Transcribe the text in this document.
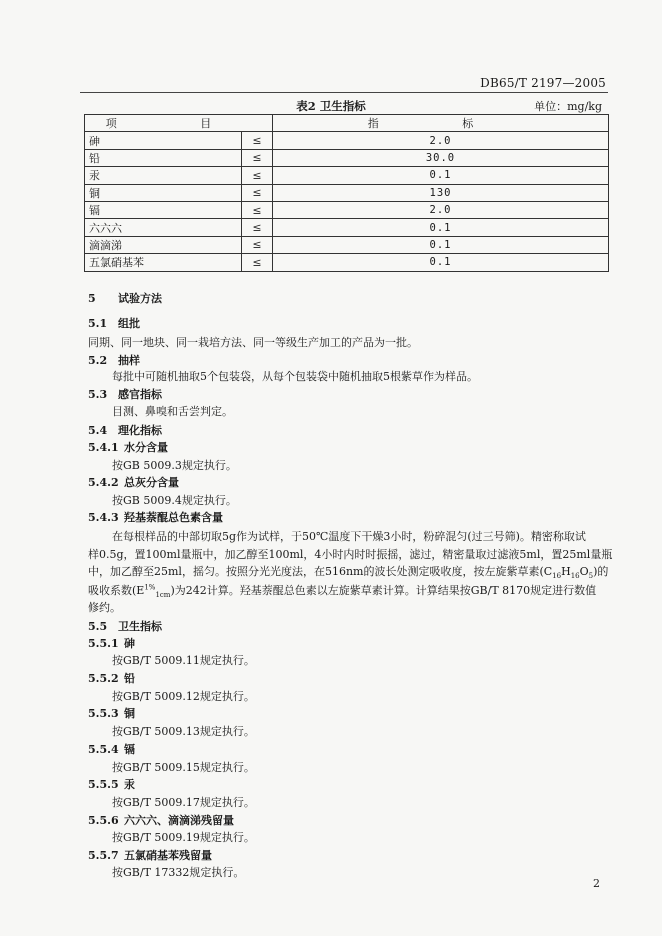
DB65/T 2197—2005
表2 卫生指标	单位：mg/kg
项 目		指 标
砷	≤	2.0
铅	≤	30.0
汞	≤	0.1
铜	≤	130
镉	≤	2.0
六六六	≤	0.1
滴滴涕	≤	0.1
五氯硝基苯	≤	0.1
5 试验方法
5.1 组批
同期、同一地块、同一栽培方法、同一等级生产加工的产品为一批。
5.2 抽样
每批中可随机抽取5个包装袋，从每个包装袋中随机抽取5根紫草作为样品。
5.3 感官指标
目测、鼻嗅和舌尝判定。
5.4 理化指标
5.4.1 水分含量
按GB 5009.3规定执行。
5.4.2 总灰分含量
按GB 5009.4规定执行。
5.4.3 羟基萘醌总色素含量
在每根样品的中部切取5g作为试样，于50℃温度下干燥3小时，粉碎混匀(过三号筛)。精密称取试
样0.5g，置100ml量瓶中，加乙醇至100ml，4小时内时时振摇，滤过，精密量取过滤液5ml，置25ml量瓶
中，加乙醇至25ml，摇匀。按照分光光度法，在516nm的波长处测定吸收度，按左旋紫草素$(C_{16}H_{16}O_5)$的
吸收系数$(E^{1\%}_{1cm})$为242计算。羟基萘醌总色素以左旋紫草素计算。计算结果按GB/T 8170规定进行数值
修约。
5.5 卫生指标
5.5.1 砷
按GB/T 5009.11规定执行。
5.5.2 铅
按GB/T 5009.12规定执行。
5.5.3 铜
按GB/T 5009.13规定执行。
5.5.4 镉
按GB/T 5009.15规定执行。
5.5.5 汞
按GB/T 5009.17规定执行。
5.5.6 六六六、滴滴涕残留量
按GB/T 5009.19规定执行。
5.5.7 五氯硝基苯残留量
按GB/T 17332规定执行。
2
